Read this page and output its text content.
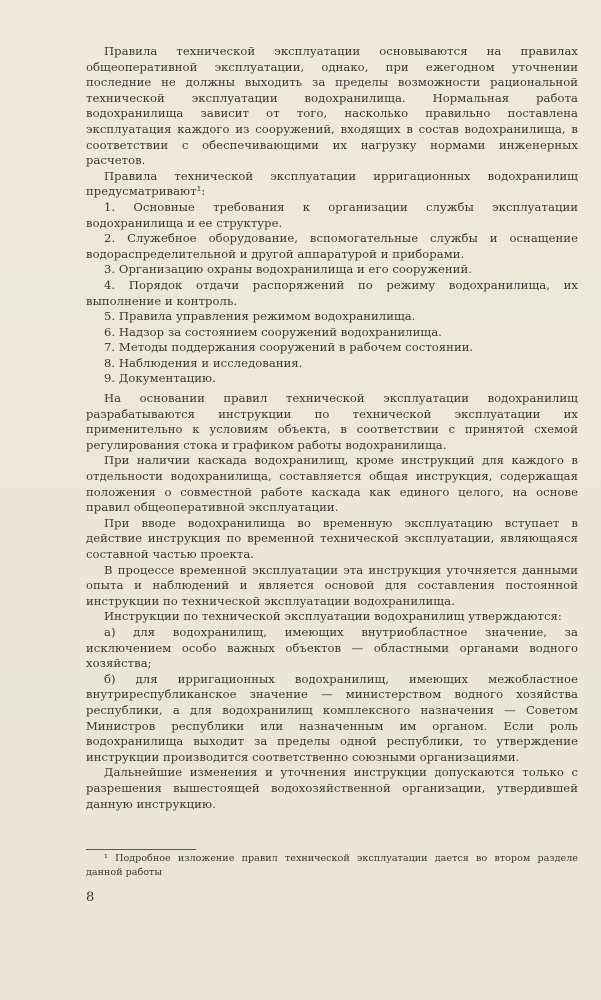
Правила технической эксплуатации основываются на правилах общеоперативной эксплуатации, однако, при ежегодном уточнении последние не должны выходить за пределы возможности рациональной технической эксплуатации водохранилища. Нормальная работа водохранилища зависит от того, насколько правильно поставлена эксплуатация каждого из сооружений, входящих в состав водохранилища, в соответствии с обеспечивающими их нагрузку нормами инженерных расчетов.

Правила технической эксплуатации ирригационных водохранилищ предусматривают¹:

1. Основные требования к организации службы эксплуатации водохранилища и ее структуре.

2. Служебное оборудование, вспомогательные службы и оснащение водораспределительной и другой аппаратурой и приборами.

3. Организацию охраны водохранилища и его сооружений.

4. Порядок отдачи распоряжений по режиму водохранилища, их выполнение и контроль.

5. Правила управления режимом водохранилища.

6. Надзор за состоянием сооружений водохранилища.

7. Методы поддержания сооружений в рабочем состоянии.

8. Наблюдения и исследования.

9. Документацию.

На основании правил технической эксплуатации водохранилищ разрабатываются инструкции по технической эксплуатации их применительно к условиям объекта, в соответствии с принятой схемой регулирования стока и графиком работы водохранилища.

При наличии каскада водохранилищ, кроме инструкций для каждого в отдельности водохранилища, составляется общая инструкция, содержащая положения о совместной работе каскада как единого целого, на основе правил общеоперативной эксплуатации.

При вводе водохранилища во временную эксплуатацию вступает в действие инструкция по временной технической эксплуатации, являющаяся составной частью проекта.

В процессе временной эксплуатации эта инструкция уточняется данными опыта и наблюдений и является основой для составления постоянной инструкции по технической эксплуатации водохранилища.

Инструкции по технической эксплуатации водохранилищ утверждаются:

а) для водохранилищ, имеющих внутриобластное значение, за исключением особо важных объектов — областными органами водного хозяйства;

б) для ирригационных водохранилищ, имеющих межобластное внутриреспубликанское значение — министерством водного хозяйства республики, а для водохранилищ комплексного назначения — Советом Министров республики или назначенным им органом. Если роль водохранилища выходит за пределы одной республики, то утверждение инструкции производится соответственно союзными организациями.

Дальнейшие изменения и уточнения инструкции допускаются только с разрешения вышестоящей водохозяйственной организации, утвердившей данную инструкцию.

¹ Подробное изложение правил технической эксплуатации дается во втором разделе данной работы

8
